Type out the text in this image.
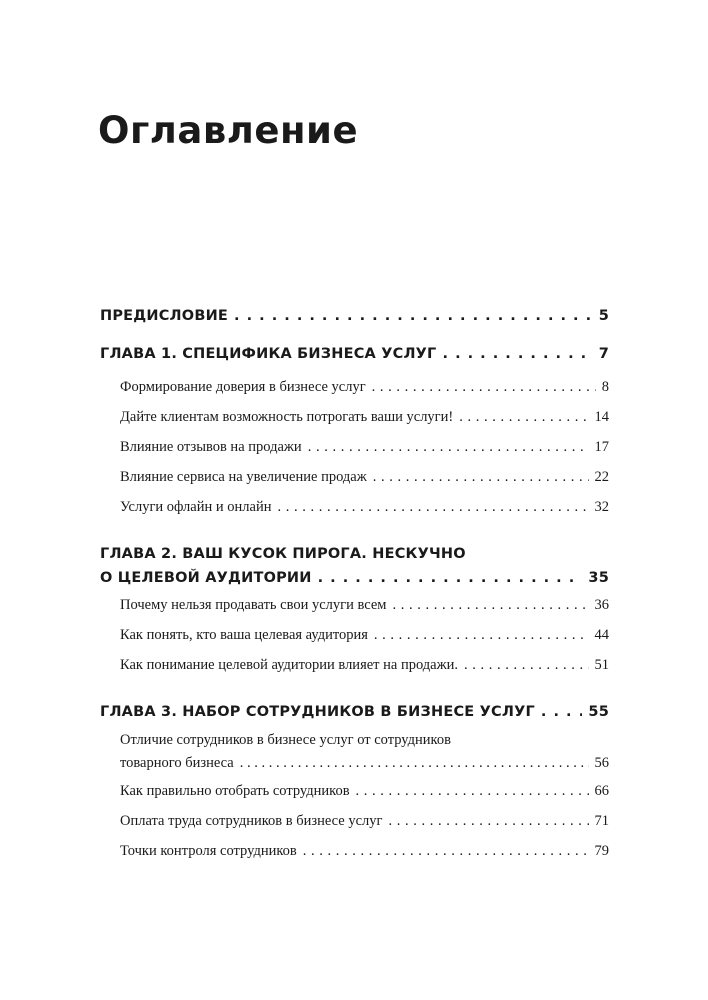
Оглавление
ПРЕДИСЛОВИЕ . . .	5
ГЛАВА 1. СПЕЦИФИКА БИЗНЕСА УСЛУГ . . .	7
Формирование доверия в бизнесе услуг . . .	8
Дайте клиентам возможность потрогать ваши услуги! . . .	14
Влияние отзывов на продажи . . .	17
Влияние сервиса на увеличение продаж . . .	22
Услуги офлайн и онлайн . . .	32
ГЛАВА 2. ВАШ КУСОК ПИРОГА. НЕСКУЧНО
О ЦЕЛЕВОЙ АУДИТОРИИ . . .	35
Почему нельзя продавать свои услуги всем . . .	36
Как понять, кто ваша целевая аудитория . . .	44
Как понимание целевой аудитории влияет на продажи. . . .	51
ГЛАВА 3. НАБОР СОТРУДНИКОВ В БИЗНЕСЕ УСЛУГ . . .	55
Отличие сотрудников в бизнесе услуг от сотрудников
товарного бизнеса . . .	56
Как правильно отобрать сотрудников . . .	66
Оплата труда сотрудников в бизнесе услуг . . .	71
Точки контроля сотрудников . . .	79
